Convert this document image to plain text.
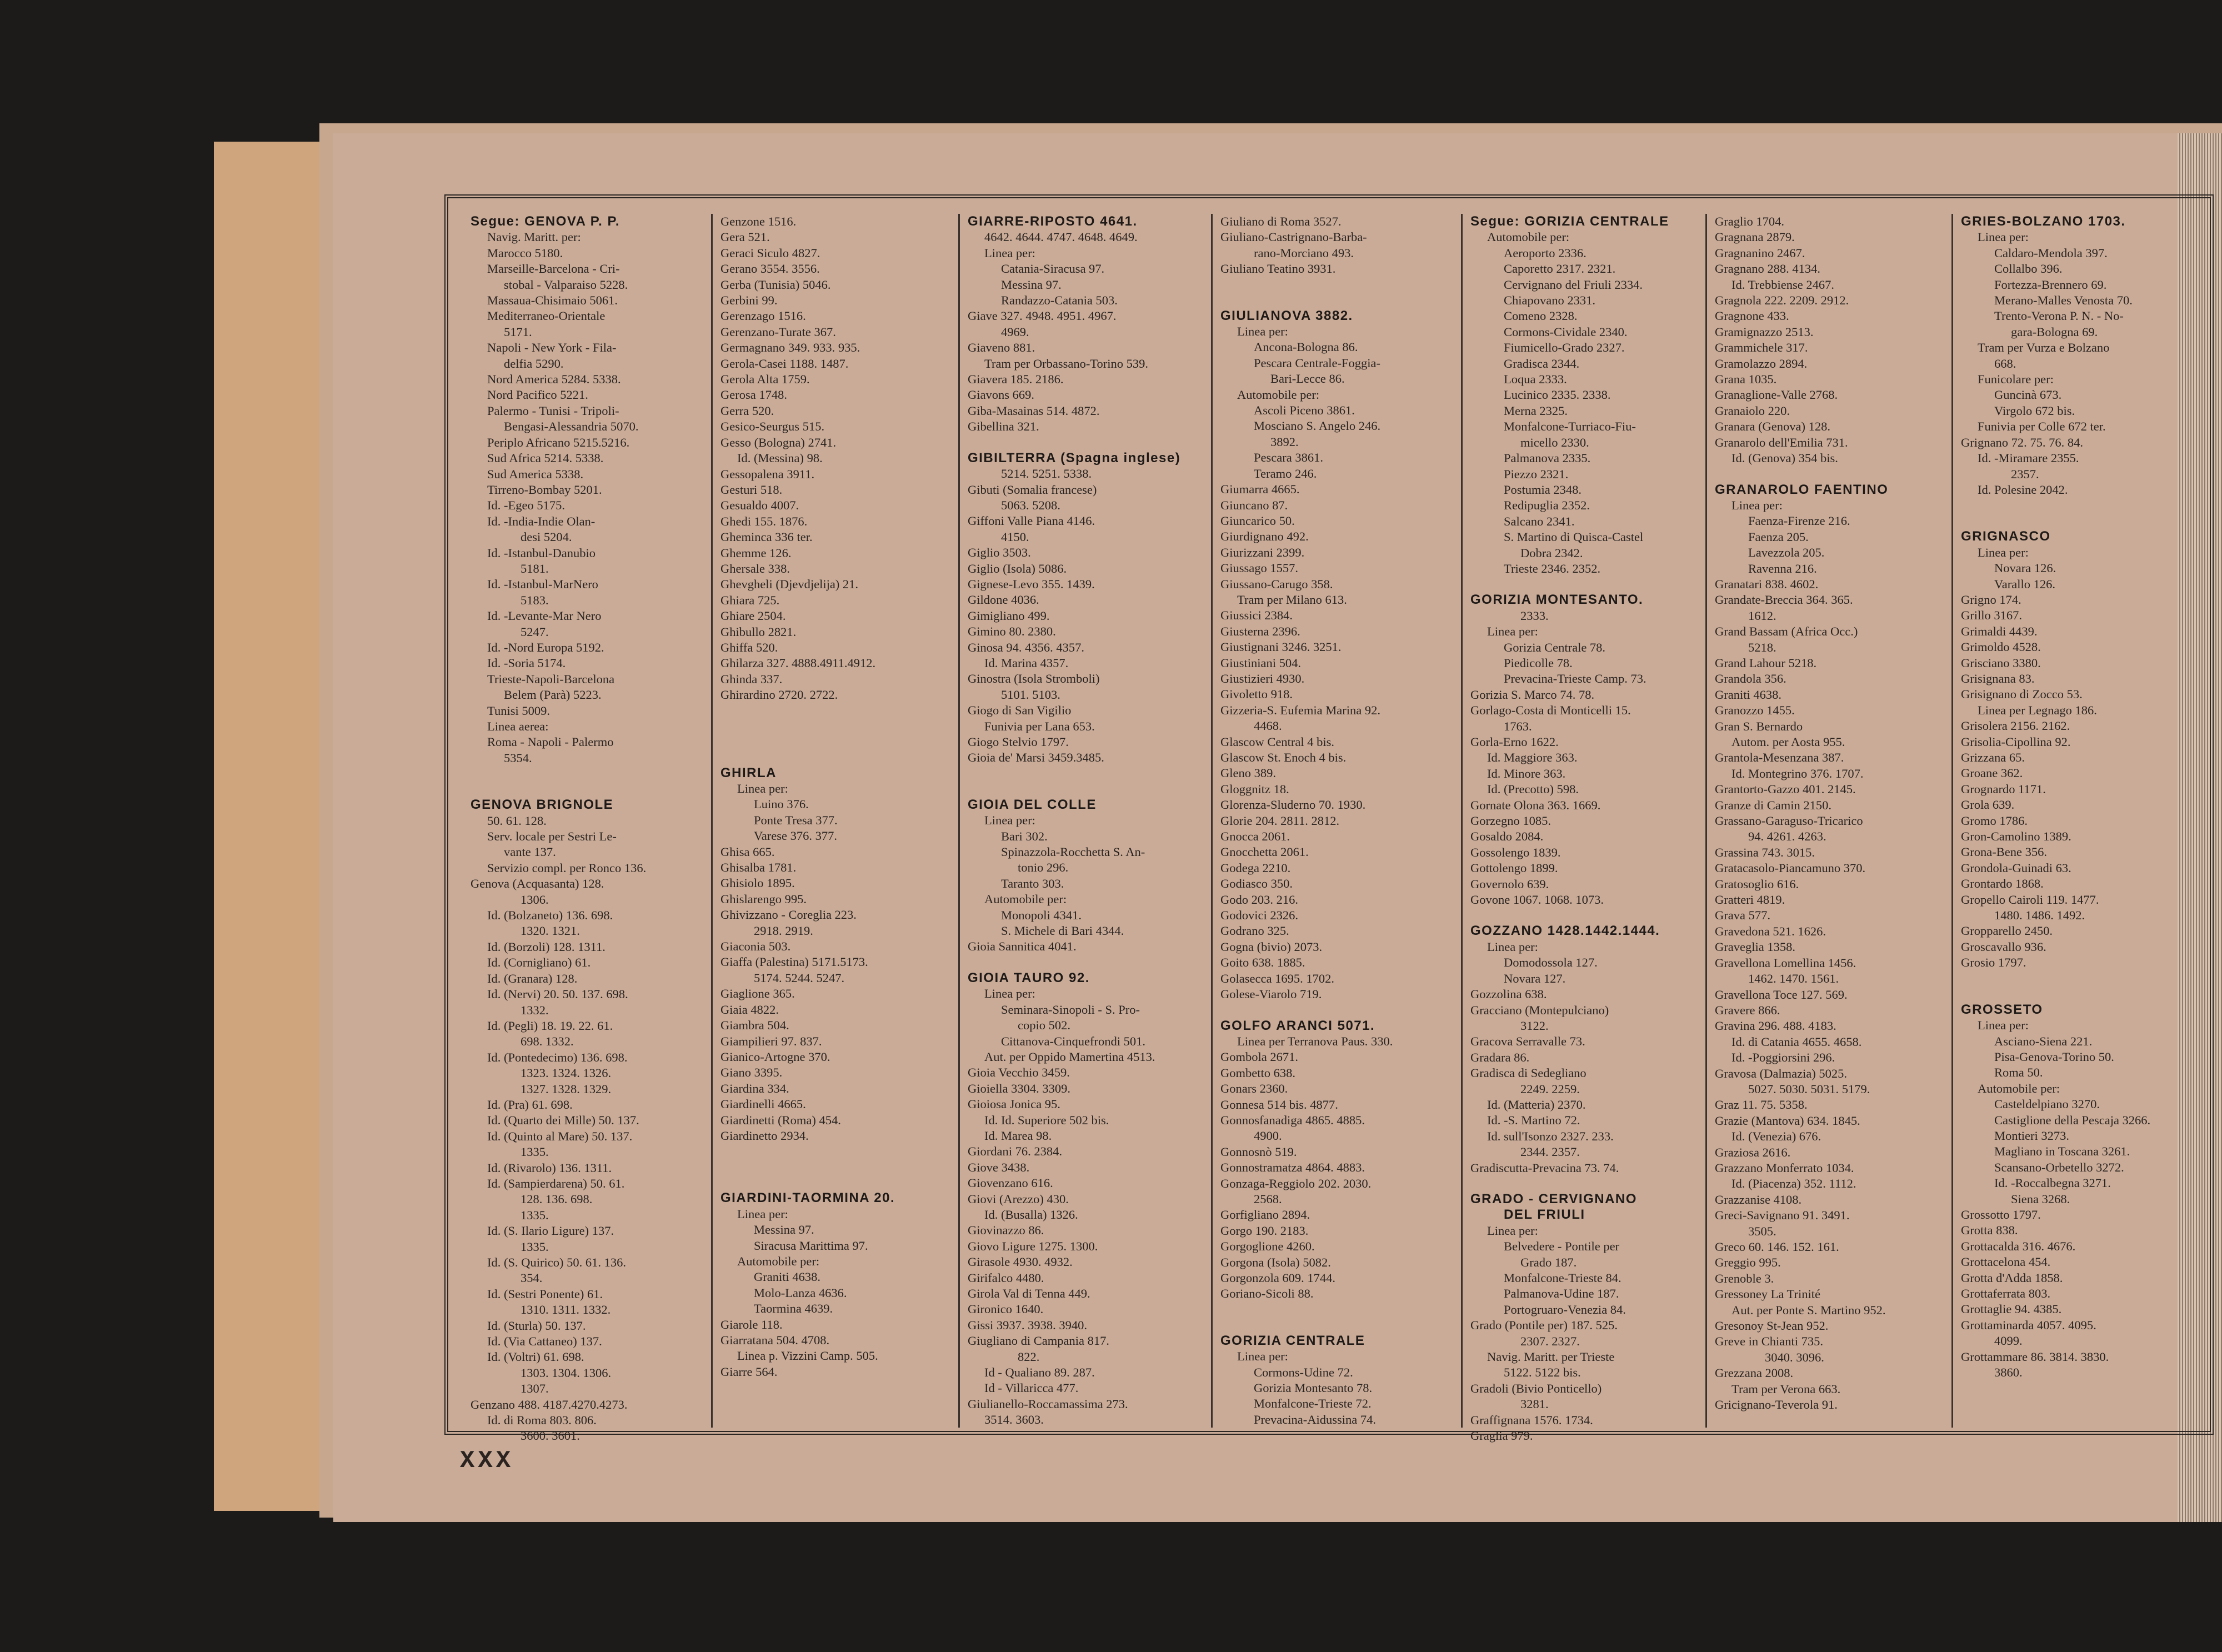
Segue: GENOVA P. P.
Navig. Maritt. per:
Marocco 5180.
Marseille-Barcelona - Cri-
stobal - Valparaiso 5228.
Massaua-Chisimaio 5061.
Mediterraneo-Orientale
5171.
Napoli - New York - Fila-
delfia 5290.
Nord America 5284. 5338.
Nord Pacifico 5221.
Palermo - Tunisi - Tripoli-
Bengasi-Alessandria 5070.
Periplo Africano 5215.5216.
Sud Africa 5214. 5338.
Sud America 5338.
Tirreno-Bombay 5201.
Id. -Egeo 5175.
Id. -India-Indie Olan-
desi 5204.
Id. -Istanbul-Danubio
5181.
Id. -Istanbul-MarNero
5183.
Id. -Levante-Mar Nero
5247.
Id. -Nord Europa 5192.
Id. -Soria 5174.
Trieste-Napoli-Barcelona
Belem (Parà) 5223.
Tunisi 5009.
Linea aerea:
Roma - Napoli - Palermo
5354.
GENOVA BRIGNOLE
50. 61. 128.
Serv. locale per Sestri Le-
vante 137.
Servizio compl. per Ronco 136.
Genova (Acquasanta) 128.
1306.
Id. (Bolzaneto) 136. 698.
1320. 1321.
Id. (Borzoli) 128. 1311.
Id. (Cornigliano) 61.
Id. (Granara) 128.
Id. (Nervi) 20. 50. 137. 698.
1332.
Id. (Pegli) 18. 19. 22. 61.
698. 1332.
Id. (Pontedecimo) 136. 698.
1323. 1324. 1326.
1327. 1328. 1329.
Id. (Pra) 61. 698.
Id. (Quarto dei Mille) 50. 137.
Id. (Quinto al Mare) 50. 137.
1335.
Id. (Rivarolo) 136. 1311.
Id. (Sampierdarena) 50. 61.
128. 136. 698.
1335.
Id. (S. Ilario Ligure) 137.
1335.
Id. (S. Quirico) 50. 61. 136.
354.
Id. (Sestri Ponente) 61.
1310. 1311. 1332.
Id. (Sturla) 50. 137.
Id. (Via Cattaneo) 137.
Id. (Voltri) 61. 698.
1303. 1304. 1306.
1307.
Genzano 488. 4187.4270.4273.
Id. di Roma 803. 806.
3600. 3601.
Genzone 1516.
Gera 521.
Geraci Siculo 4827.
Gerano 3554. 3556.
Gerba (Tunisia) 5046.
Gerbini 99.
Gerenzago 1516.
Gerenzano-Turate 367.
Germagnano 349. 933. 935.
Gerola-Casei 1188. 1487.
Gerola Alta 1759.
Gerosa 1748.
Gerra 520.
Gesico-Seurgus 515.
Gesso (Bologna) 2741.
Id. (Messina) 98.
Gessopalena 3911.
Gesturi 518.
Gesualdo 4007.
Ghedi 155. 1876.
Gheminca 336 ter.
Ghemme 126.
Ghersale 338.
Ghevgheli (Djevdjelija) 21.
Ghiara 725.
Ghiare 2504.
Ghibullo 2821.
Ghiffa 520.
Ghilarza 327. 4888.4911.4912.
Ghinda 337.
Ghirardino 2720. 2722.
GHIRLA
Linea per:
Luino 376.
Ponte Tresa 377.
Varese 376. 377.
Ghisa 665.
Ghisalba 1781.
Ghisiolo 1895.
Ghislarengo 995.
Ghivizzano - Coreglia 223.
2918. 2919.
Giaconia 503.
Giaffa (Palestina) 5171.5173.
5174. 5244. 5247.
Giaglione 365.
Giaia 4822.
Giambra 504.
Giampilieri 97. 837.
Gianico-Artogne 370.
Giano 3395.
Giardina 334.
Giardinelli 4665.
Giardinetti (Roma) 454.
Giardinetto 2934.
GIARDINI-TAORMINA 20.
Linea per:
Messina 97.
Siracusa Marittima 97.
Automobile per:
Graniti 4638.
Molo-Lanza 4636.
Taormina 4639.
Giarole 118.
Giarratana 504. 4708.
Linea p. Vizzini Camp. 505.
Giarre 564.
GIARRE-RIPOSTO 4641.
4642. 4644. 4747. 4648. 4649.
Linea per:
Catania-Siracusa 97.
Messina 97.
Randazzo-Catania 503.
Giave 327. 4948. 4951. 4967.
4969.
Giaveno 881.
Tram per Orbassano-Torino 539.
Giavera 185. 2186.
Giavons 669.
Giba-Masainas 514. 4872.
Gibellina 321.
GIBILTERRA (Spagna inglese)
5214. 5251. 5338.
Gibuti (Somalia francese)
5063. 5208.
Giffoni Valle Piana 4146.
4150.
Giglio 3503.
Giglio (Isola) 5086.
Gignese-Levo 355. 1439.
Gildone 4036.
Gimigliano 499.
Gimino 80. 2380.
Ginosa 94. 4356. 4357.
Id. Marina 4357.
Ginostra (Isola Stromboli)
5101. 5103.
Giogo di San Vigilio
Funivia per Lana 653.
Giogo Stelvio 1797.
Gioia de' Marsi 3459.3485.
GIOIA DEL COLLE
Linea per:
Bari 302.
Spinazzola-Rocchetta S. An-
tonio 296.
Taranto 303.
Automobile per:
Monopoli 4341.
S. Michele di Bari 4344.
Gioia Sannitica 4041.
GIOIA TAURO 92.
Linea per:
Seminara-Sinopoli - S. Pro-
copio 502.
Cittanova-Cinquefrondi 501.
Aut. per Oppido Mamertina 4513.
Gioia Vecchio 3459.
Gioiella 3304. 3309.
Gioiosa Jonica 95.
Id. Id. Superiore 502 bis.
Id. Marea 98.
Giordani 76. 2384.
Giove 3438.
Giovenzano 616.
Giovi (Arezzo) 430.
Id. (Busalla) 1326.
Giovinazzo 86.
Giovo Ligure 1275. 1300.
Girasole 4930. 4932.
Girifalco 4480.
Girola Val di Tenna 449.
Gironico 1640.
Gissi 3937. 3938. 3940.
Giugliano di Campania 817.
822.
Id - Qualiano 89. 287.
Id - Villaricca 477.
Giulianello-Roccamassima 273.
3514. 3603.
Giuliano di Roma 3527.
Giuliano-Castrignano-Barba-
rano-Morciano 493.
Giuliano Teatino 3931.
GIULIANOVA 3882.
Linea per:
Ancona-Bologna 86.
Pescara Centrale-Foggia-
Bari-Lecce 86.
Automobile per:
Ascoli Piceno 3861.
Mosciano S. Angelo 246.
3892.
Pescara 3861.
Teramo 246.
Giumarra 4665.
Giuncano 87.
Giuncarico 50.
Giurdignano 492.
Giurizzani 2399.
Giussago 1557.
Giussano-Carugo 358.
Tram per Milano 613.
Giussici 2384.
Giusterna 2396.
Giustignani 3246. 3251.
Giustiniani 504.
Giustizieri 4930.
Givoletto 918.
Gizzeria-S. Eufemia Marina 92.
4468.
Glascow Central 4 bis.
Glascow St. Enoch 4 bis.
Gleno 389.
Gloggnitz 18.
Glorenza-Sluderno 70. 1930.
Glorie 204. 2811. 2812.
Gnocca 2061.
Gnocchetta 2061.
Godega 2210.
Godiasco 350.
Godo 203. 216.
Godovici 2326.
Godrano 325.
Gogna (bivio) 2073.
Goito 638. 1885.
Golasecca 1695. 1702.
Golese-Viarolo 719.
GOLFO ARANCI 5071.
Linea per Terranova Paus. 330.
Gombola 2671.
Gombetto 638.
Gonars 2360.
Gonnesa 514 bis. 4877.
Gonnosfanadiga 4865. 4885.
4900.
Gonnosnò 519.
Gonnostramatza 4864. 4883.
Gonzaga-Reggiolo 202. 2030.
2568.
Gorfigliano 2894.
Gorgo 190. 2183.
Gorgoglione 4260.
Gorgona (Isola) 5082.
Gorgonzola 609. 1744.
Goriano-Sicoli 88.
GORIZIA CENTRALE
Linea per:
Cormons-Udine 72.
Gorizia Montesanto 78.
Monfalcone-Trieste 72.
Prevacina-Aidussina 74.
Segue: GORIZIA CENTRALE
Automobile per:
Aeroporto 2336.
Caporetto 2317. 2321.
Cervignano del Friuli 2334.
Chiapovano 2331.
Comeno 2328.
Cormons-Cividale 2340.
Fiumicello-Grado 2327.
Gradisca 2344.
Loqua 2333.
Lucinico 2335. 2338.
Merna 2325.
Monfalcone-Turriaco-Fiu-
micello 2330.
Palmanova 2335.
Piezzo 2321.
Postumia 2348.
Redipuglia 2352.
Salcano 2341.
S. Martino di Quisca-Castel
Dobra 2342.
Trieste 2346. 2352.
GORIZIA MONTESANTO.
2333.
Linea per:
Gorizia Centrale 78.
Piedicolle 78.
Prevacina-Trieste Camp. 73.
Gorizia S. Marco 74. 78.
Gorlago-Costa di Monticelli 15.
1763.
Gorla-Erno 1622.
Id. Maggiore 363.
Id. Minore 363.
Id. (Precotto) 598.
Gornate Olona 363. 1669.
Gorzegno 1085.
Gosaldo 2084.
Gossolengo 1839.
Gottolengo 1899.
Governolo 639.
Govone 1067. 1068. 1073.
GOZZANO 1428.1442.1444.
Linea per:
Domodossola 127.
Novara 127.
Gozzolina 638.
Gracciano (Montepulciano)
3122.
Gracova Serravalle 73.
Gradara 86.
Gradisca di Sedegliano
2249. 2259.
Id. (Matteria) 2370.
Id. -S. Martino 72.
Id. sull'Isonzo 2327. 233.
2344. 2357.
Gradiscutta-Prevacina 73. 74.
GRADO - CERVIGNANO
DEL FRIULI
Linea per:
Belvedere - Pontile per
Grado 187.
Monfalcone-Trieste 84.
Palmanova-Udine 187.
Portogruaro-Venezia 84.
Grado (Pontile per) 187. 525.
2307. 2327.
Navig. Maritt. per Trieste
5122. 5122 bis.
Gradoli (Bivio Ponticello)
3281.
Graffignana 1576. 1734.
Graglia 979.
Graglio 1704.
Gragnana 2879.
Gragnanino 2467.
Gragnano 288. 4134.
Id. Trebbiense 2467.
Gragnola 222. 2209. 2912.
Gragnone 433.
Gramignazzo 2513.
Grammichele 317.
Gramolazzo 2894.
Grana 1035.
Granaglione-Valle 2768.
Granaiolo 220.
Granara (Genova) 128.
Granarolo dell'Emilia 731.
Id. (Genova) 354 bis.
GRANAROLO FAENTINO
Linea per:
Faenza-Firenze 216.
Faenza 205.
Lavezzola 205.
Ravenna 216.
Granatari 838. 4602.
Grandate-Breccia 364. 365.
1612.
Grand Bassam (Africa Occ.)
5218.
Grand Lahour 5218.
Grandola 356.
Graniti 4638.
Granozzo 1455.
Gran S. Bernardo
Autom. per Aosta 955.
Grantola-Mesenzana 387.
Id. Montegrino 376. 1707.
Grantorto-Gazzo 401. 2145.
Granze di Camin 2150.
Grassano-Garaguso-Tricarico
94. 4261. 4263.
Grassina 743. 3015.
Gratacasolo-Piancamuno 370.
Gratosoglio 616.
Gratteri 4819.
Grava 577.
Gravedona 521. 1626.
Graveglia 1358.
Gravellona Lomellina 1456.
1462. 1470. 1561.
Gravellona Toce 127. 569.
Gravere 866.
Gravina 296. 488. 4183.
Id. di Catania 4655. 4658.
Id. -Poggiorsini 296.
Gravosa (Dalmazia) 5025.
5027. 5030. 5031. 5179.
Graz 11. 75. 5358.
Grazie (Mantova) 634. 1845.
Id. (Venezia) 676.
Graziosa 2616.
Grazzano Monferrato 1034.
Id. (Piacenza) 352. 1112.
Grazzanise 4108.
Greci-Savignano 91. 3491.
3505.
Greco 60. 146. 152. 161.
Greggio 995.
Grenoble 3.
Gressoney La Trinité
Aut. per Ponte S. Martino 952.
Gresonoy St-Jean 952.
Greve in Chianti 735.
3040. 3096.
Grezzana 2008.
Tram per Verona 663.
Gricignano-Teverola 91.
GRIES-BOLZANO 1703.
Linea per:
Caldaro-Mendola 397.
Collalbo 396.
Fortezza-Brennero 69.
Merano-Malles Venosta 70.
Trento-Verona P. N. - No-
gara-Bologna 69.
Tram per Vurza e Bolzano
668.
Funicolare per:
Guncinà 673.
Virgolo 672 bis.
Funivia per Colle 672 ter.
Grignano 72. 75. 76. 84.
Id. -Miramare 2355.
2357.
Id. Polesine 2042.
GRIGNASCO
Linea per:
Novara 126.
Varallo 126.
Grigno 174.
Grillo 3167.
Grimaldi 4439.
Grimoldo 4528.
Grisciano 3380.
Grisignana 83.
Grisignano di Zocco 53.
Linea per Legnago 186.
Grisolera 2156. 2162.
Grisolia-Cipollina 92.
Grizzana 65.
Groane 362.
Grognardo 1171.
Grola 639.
Gromo 1786.
Gron-Camolino 1389.
Grona-Bene 356.
Grondola-Guinadi 63.
Grontardo 1868.
Gropello Cairoli 119. 1477.
1480. 1486. 1492.
Gropparello 2450.
Groscavallo 936.
Grosio 1797.
GROSSETO
Linea per:
Asciano-Siena 221.
Pisa-Genova-Torino 50.
Roma 50.
Automobile per:
Casteldelpiano 3270.
Castiglione della Pescaja 3266.
Montieri 3273.
Magliano in Toscana 3261.
Scansano-Orbetello 3272.
Id. -Roccalbegna 3271.
Siena 3268.
Grossotto 1797.
Grotta 838.
Grottacalda 316. 4676.
Grottacelona 454.
Grotta d'Adda 1858.
Grottaferrata 803.
Grottaglie 94. 4385.
Grottaminarda 4057. 4095.
4099.
Grottammare 86. 3814. 3830.
3860.
XXX
